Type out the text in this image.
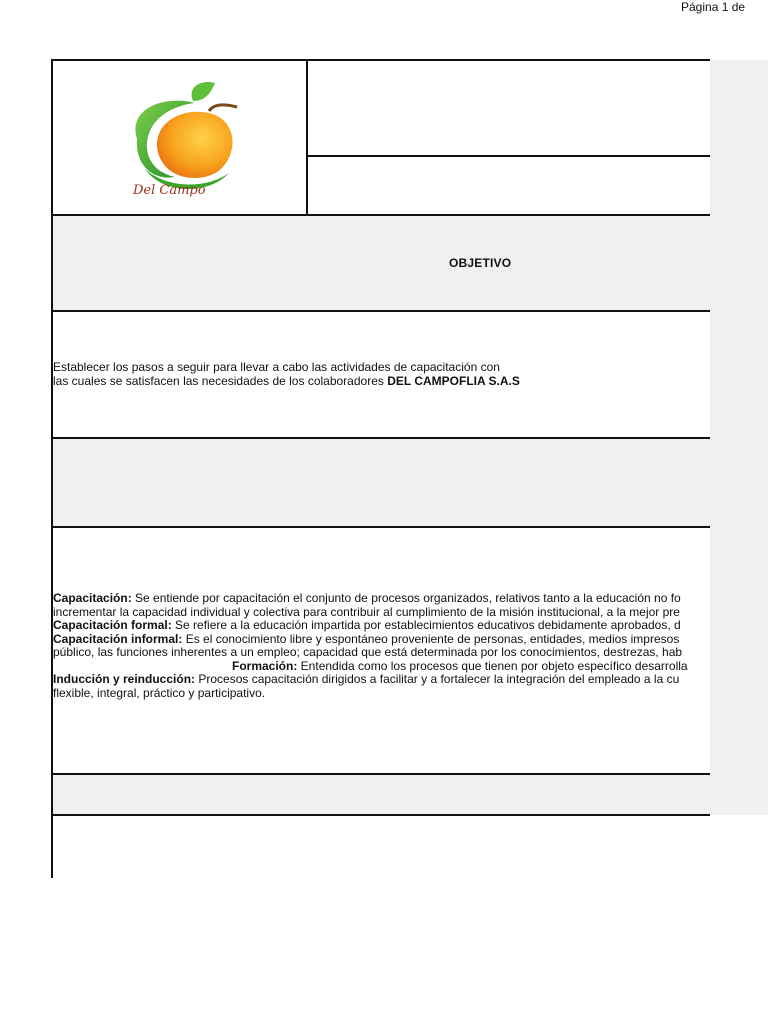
Página 1 de
Del Campo
OBJETIVO
Establecer los pasos a seguir para llevar a cabo las actividades de capacitación con
las cuales se satisfacen las necesidades de los colaboradores DEL CAMPOFLIA S.A.S
Capacitación: Se entiende por capacitación el conjunto de procesos organizados, relativos tanto a la educación no fo
incrementar la capacidad individual y colectiva para contribuir al cumplimiento de la misión institucional, a la mejor pre
Capacitación formal: Se refiere a la educación impartida por establecimientos educativos debidamente aprobados, d
Capacitación informal: Es el conocimiento libre y espontáneo proveniente de personas, entidades, medios impresos
público, las funciones inherentes a un empleo; capacidad que está determinada por los conocimientos, destrezas, hab
Formación: Entendida como los procesos que tienen por objeto específico desarrolla
Inducción y reinducción: Procesos capacitación dirigidos a facilitar y a fortalecer la integración del empleado a la cu
flexible, integral, práctico y participativo.
